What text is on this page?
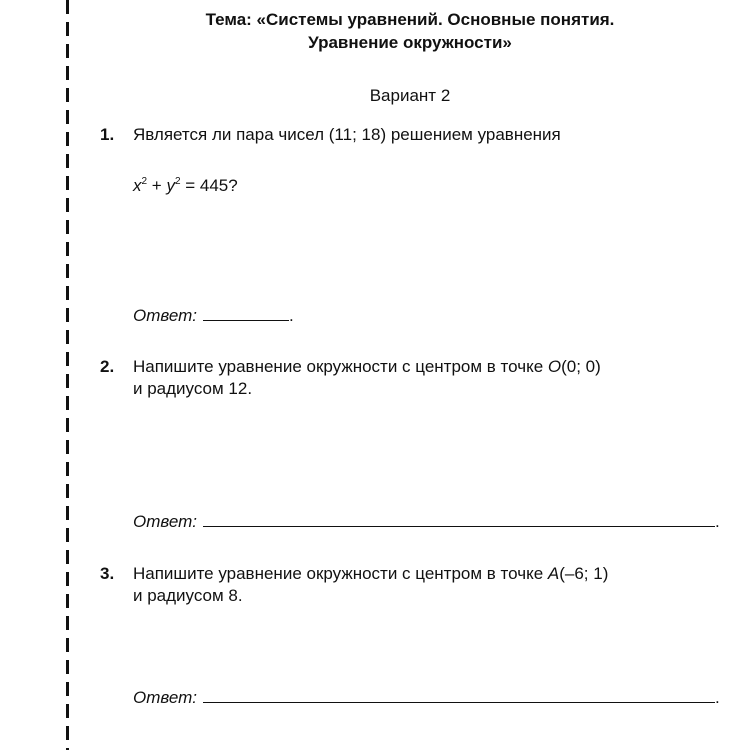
Тема: «Системы уравнений. Основные понятия.
Уравнение окружности»
Вариант 2
1. Является ли пара чисел (11; 18) решением уравнения
$x^2 + y^2 = 445$?
Ответ:	.
2. Напишите уравнение окружности с центром в точке O(0; 0)
и радиусом 12.
Ответ:	.
3. Напишите уравнение окружности с центром в точке A(–6; 1)
и радиусом 8.
Ответ:	.
